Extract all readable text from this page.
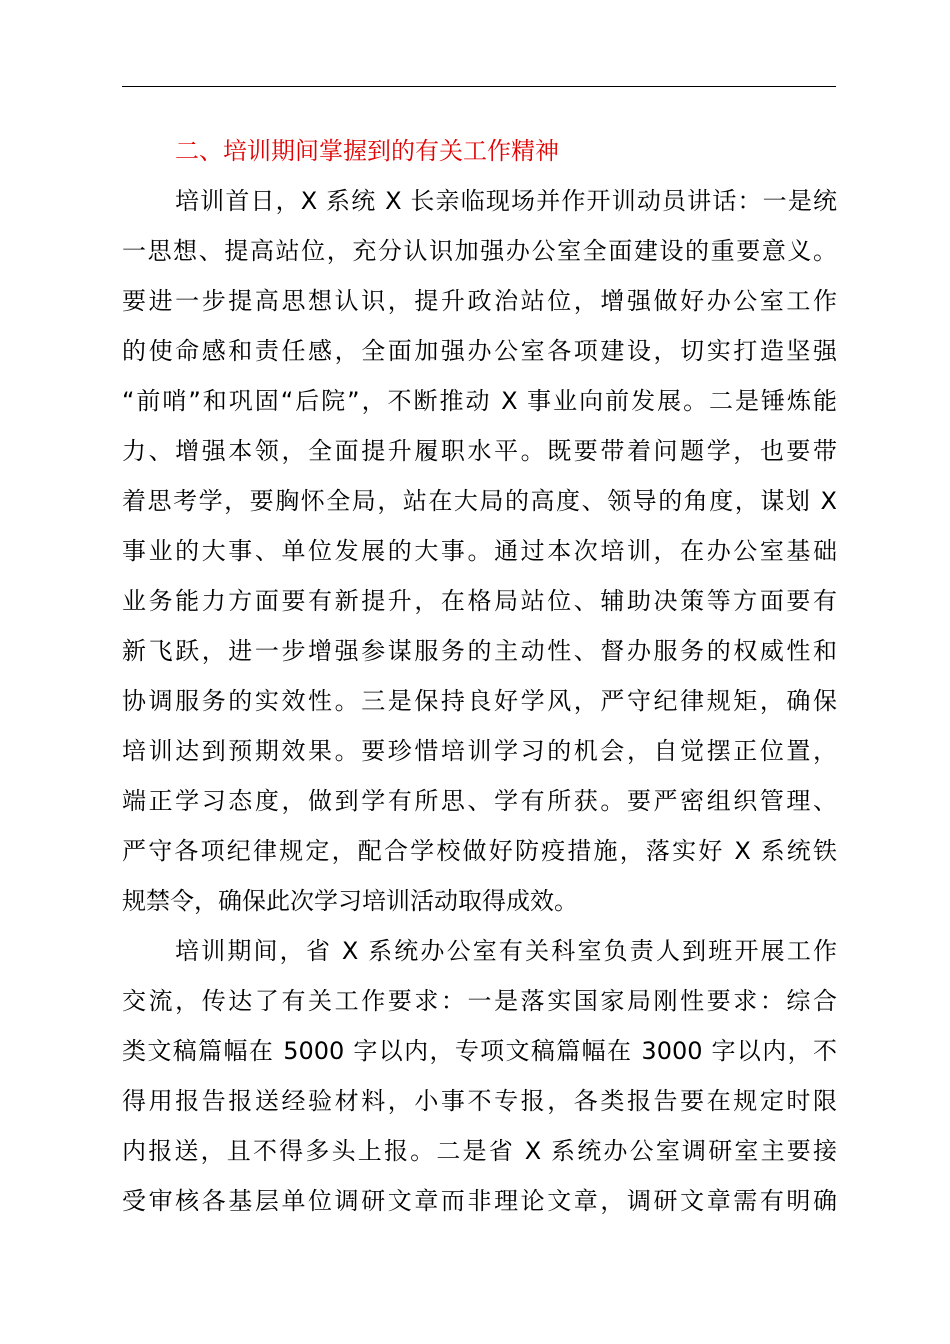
二、培训期间掌握到的有关工作精神
培训首日，X 系统 X 长亲临现场并作开训动员讲话：一是统
一思想、提高站位，充分认识加强办公室全面建设的重要意义。
要进一步提高思想认识，提升政治站位，增强做好办公室工作
的使命感和责任感，全面加强办公室各项建设，切实打造坚强
“前哨”和巩固“后院”，不断推动 X 事业向前发展。二是锤炼能
力、增强本领，全面提升履职水平。既要带着问题学，也要带
着思考学，要胸怀全局，站在大局的高度、领导的角度，谋划 X
事业的大事、单位发展的大事。通过本次培训，在办公室基础
业务能力方面要有新提升，在格局站位、辅助决策等方面要有
新飞跃，进一步增强参谋服务的主动性、督办服务的权威性和
协调服务的实效性。三是保持良好学风，严守纪律规矩，确保
培训达到预期效果。要珍惜培训学习的机会，自觉摆正位置，
端正学习态度，做到学有所思、学有所获。要严密组织管理、
严守各项纪律规定，配合学校做好防疫措施，落实好 X 系统铁
规禁令，确保此次学习培训活动取得成效。
培训期间，省 X 系统办公室有关科室负责人到班开展工作
交流，传达了有关工作要求：一是落实国家局刚性要求：综合
类文稿篇幅在 5000 字以内，专项文稿篇幅在 3000 字以内，不
得用报告报送经验材料，小事不专报，各类报告要在规定时限
内报送，且不得多头上报。二是省 X 系统办公室调研室主要接
受审核各基层单位调研文章而非理论文章，调研文章需有明确
